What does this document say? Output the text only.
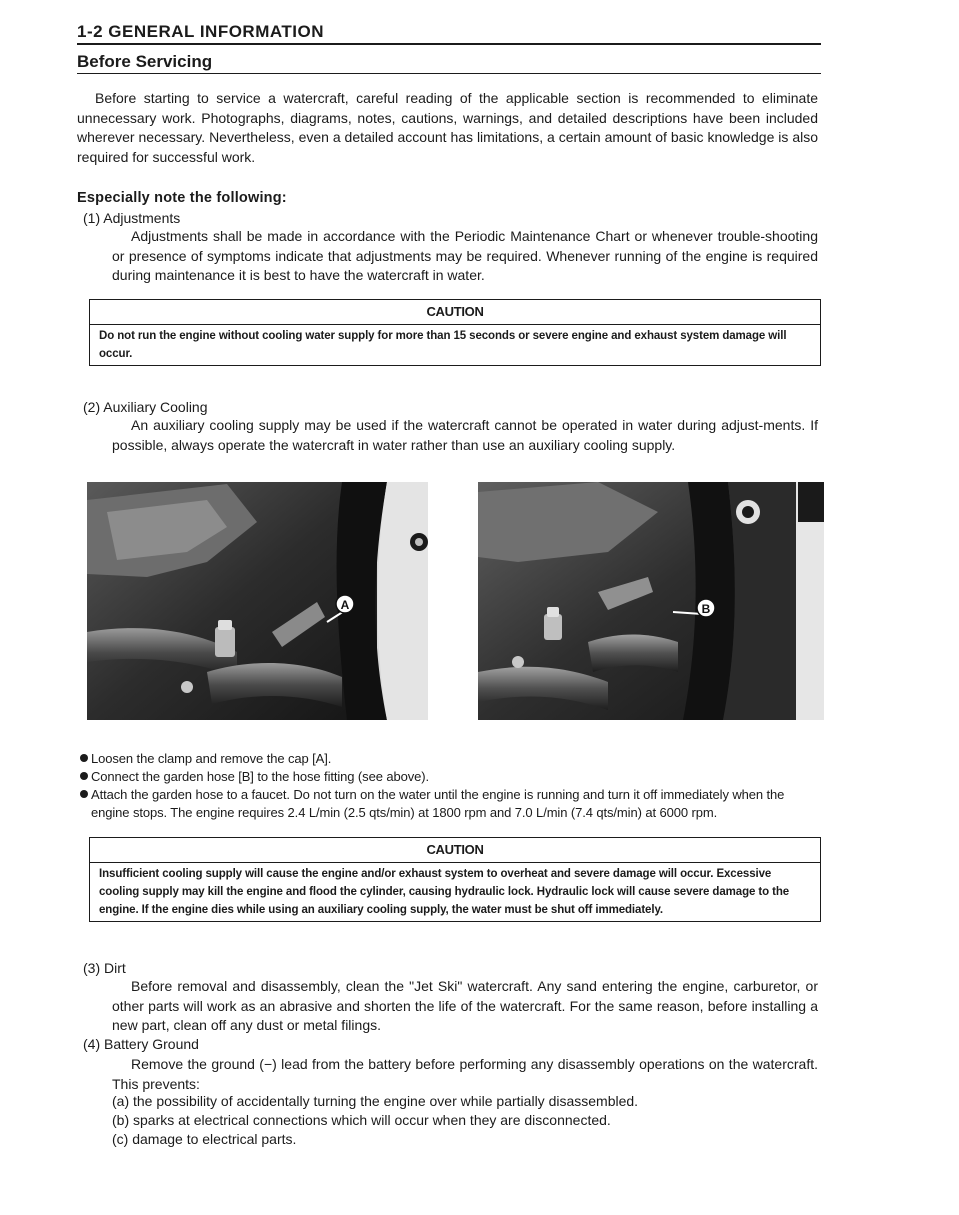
1-2 GENERAL INFORMATION
Before Servicing
Before starting to service a watercraft, careful reading of the applicable section is recommended to eliminate unnecessary work. Photographs, diagrams, notes, cautions, warnings, and detailed descriptions have been included wherever necessary. Nevertheless, even a detailed account has limitations, a certain amount of basic knowledge is also required for successful work.
Especially note the following:
(1) Adjustments
Adjustments shall be made in accordance with the Periodic Maintenance Chart or whenever trouble-shooting or presence of symptoms indicate that adjustments may be required. Whenever running of the engine is required during maintenance it is best to have the watercraft in water.
CAUTION
Do not run the engine without cooling water supply for more than 15 seconds or severe engine and exhaust system damage will occur.
(2) Auxiliary Cooling
An auxiliary cooling supply may be used if the watercraft cannot be operated in water during adjust-ments. If possible, always operate the watercraft in water rather than use an auxiliary cooling supply.
A	B
Loosen the clamp and remove the cap [A].
Connect the garden hose [B] to the hose fitting (see above).
Attach the garden hose to a faucet. Do not turn on the water until the engine is running and turn it off immediately when the engine stops. The engine requires 2.4 L/min (2.5 qts/min) at 1800 rpm and 7.0 L/min (7.4 qts/min) at 6000 rpm.
CAUTION
Insufficient cooling supply will cause the engine and/or exhaust system to overheat and severe damage will occur. Excessive cooling supply may kill the engine and flood the cylinder, causing hydraulic lock. Hydraulic lock will cause severe damage to the engine. If the engine dies while using an auxiliary cooling supply, the water must be shut off immediately.
(3) Dirt
Before removal and disassembly, clean the "Jet Ski" watercraft. Any sand entering the engine, carburetor, or other parts will work as an abrasive and shorten the life of the watercraft. For the same reason, before installing a new part, clean off any dust or metal filings.
(4) Battery Ground
Remove the ground (−) lead from the battery before performing any disassembly operations on the watercraft. This prevents:
(a) the possibility of accidentally turning the engine over while partially disassembled.
(b) sparks at electrical connections which will occur when they are disconnected.
(c) damage to electrical parts.
